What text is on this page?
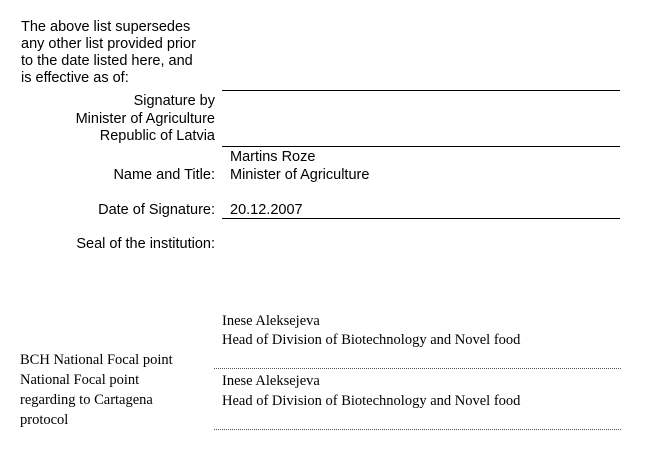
The above list supersedes
any other list provided prior
to the date listed here, and
is effective as of:
Signature by
Minister of Agriculture
Republic of Latvia
Martins Roze
Name and Title: Minister of Agriculture
Date of Signature: 20.12.2007
Seal of the institution:
Inese Aleksejeva
Head of Division of Biotechnology and Novel food
BCH National Focal point
National Focal point
regarding to Cartagena
protocol
Inese Aleksejeva
Head of Division of Biotechnology and Novel food
